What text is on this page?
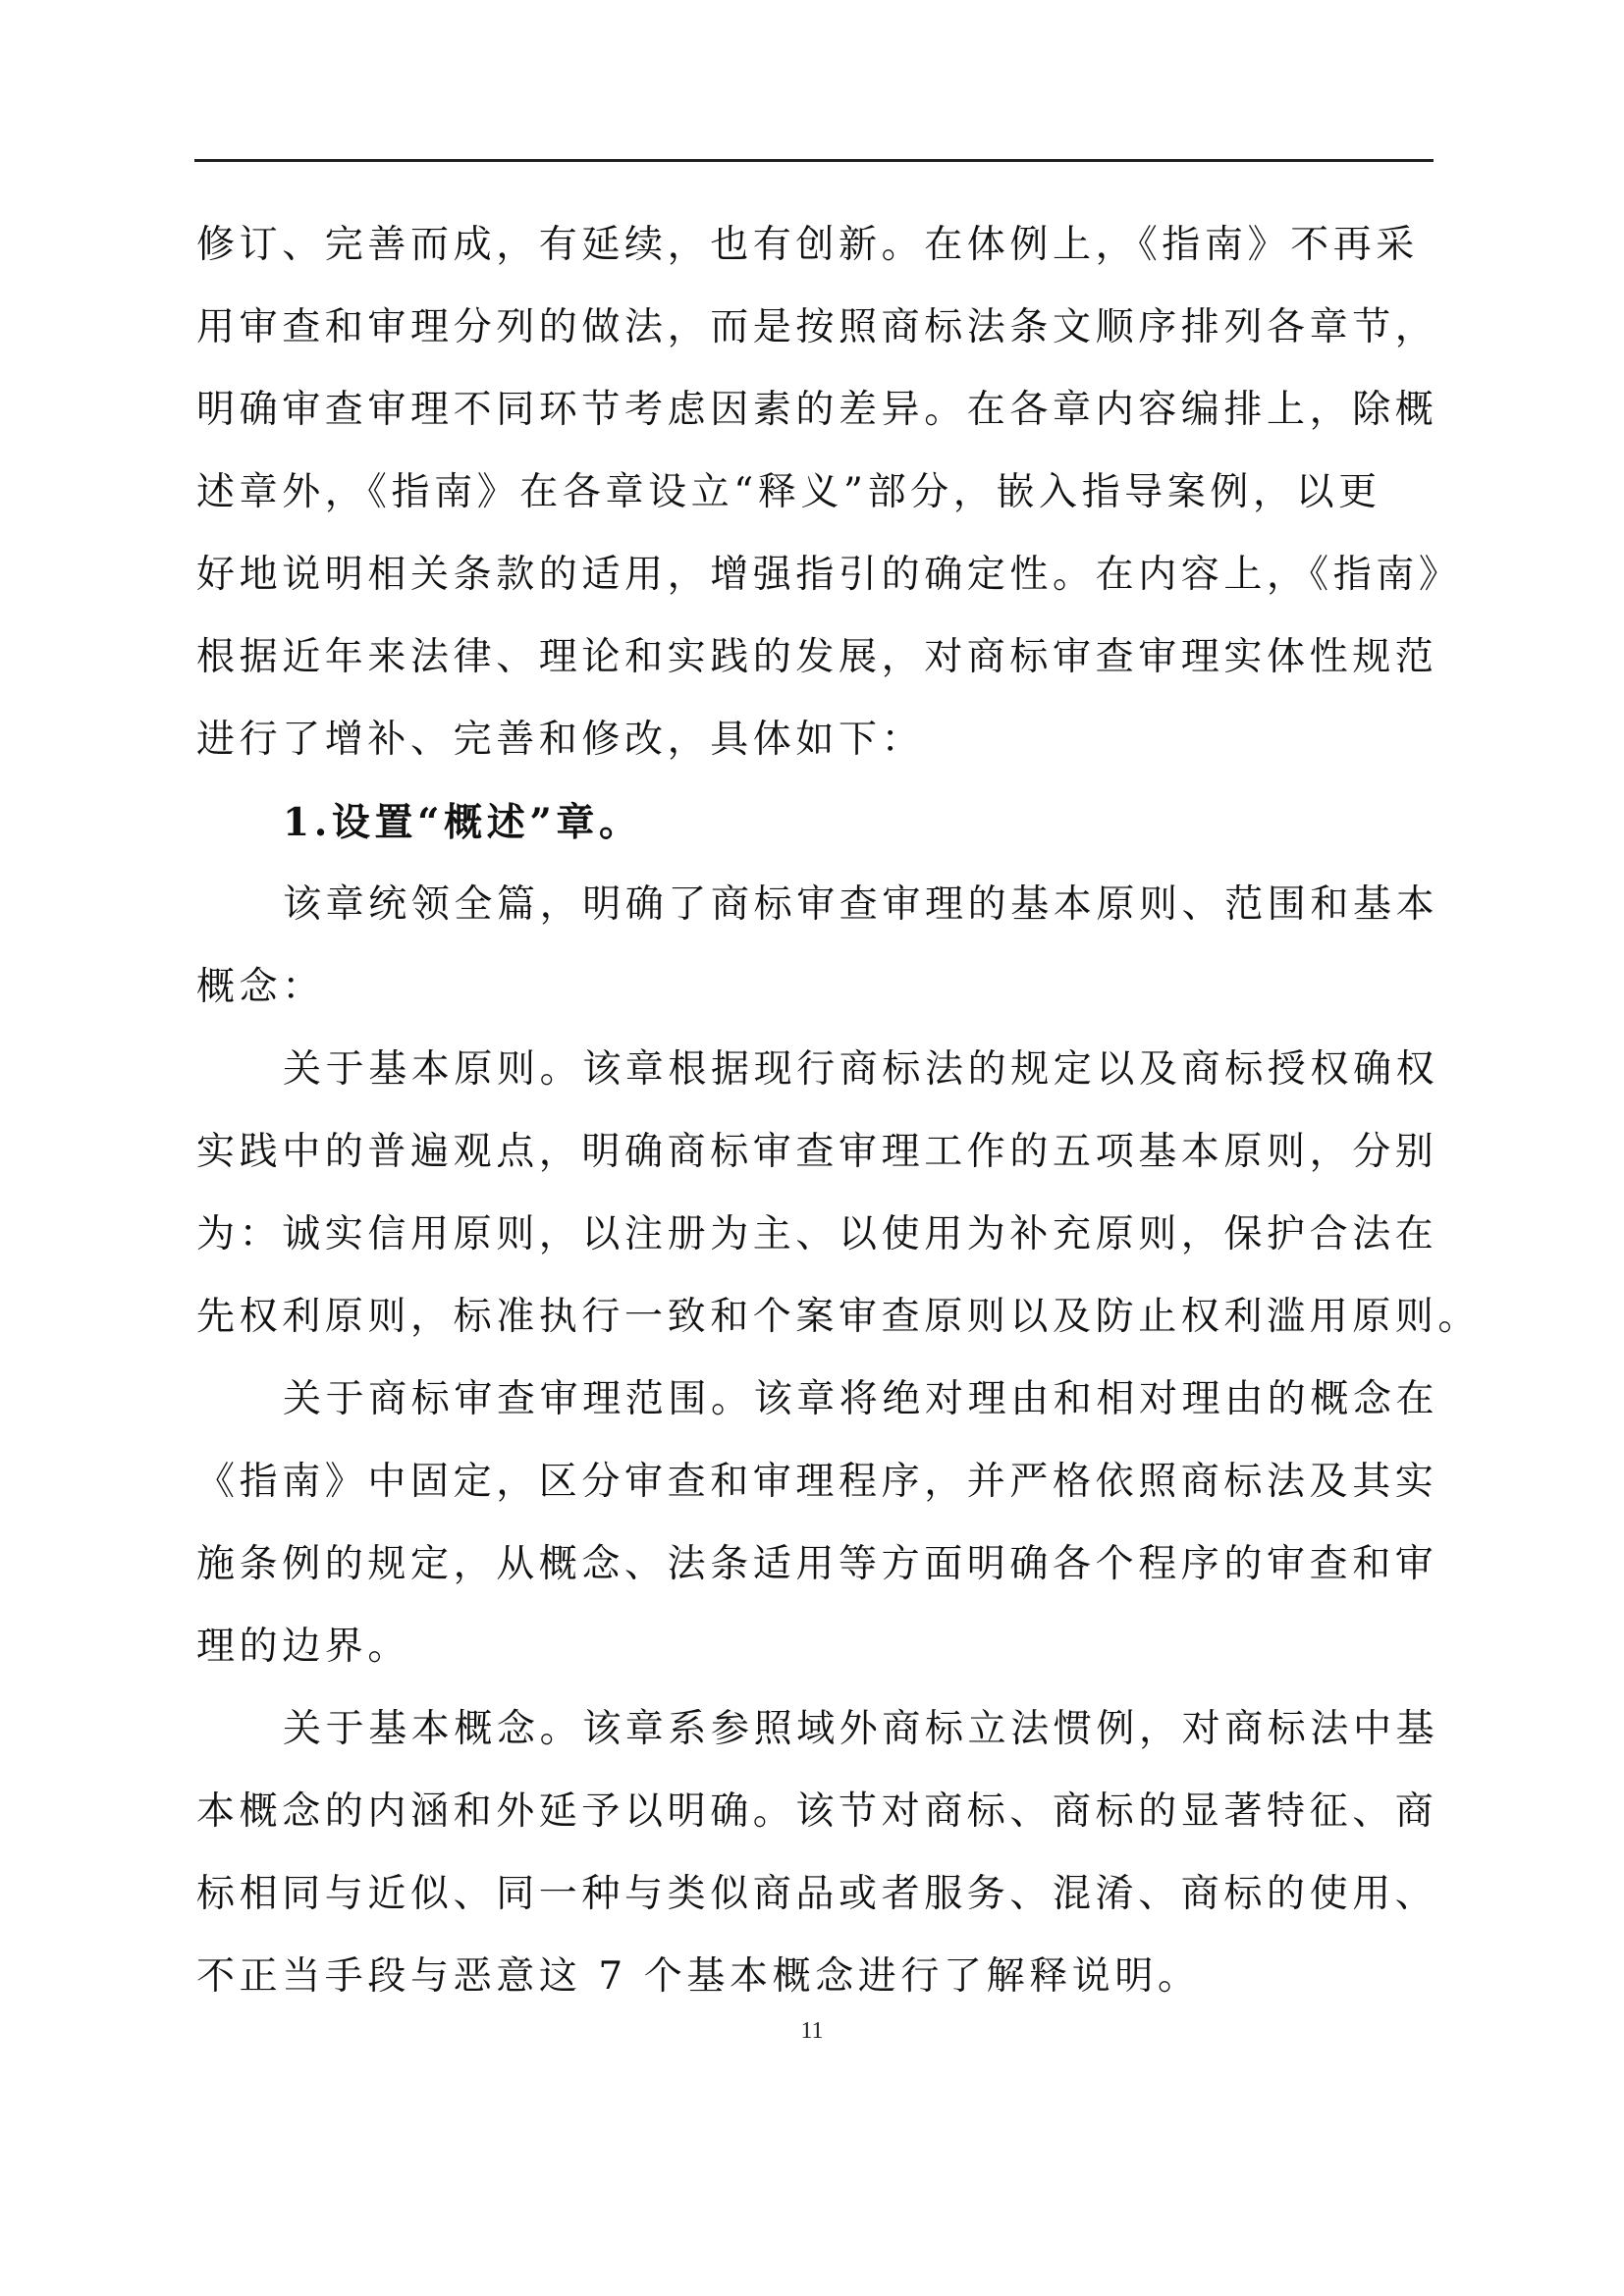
修订、完善而成，有延续，也有创新。在体例上，《指南》不再采
用审查和审理分列的做法，而是按照商标法条文顺序排列各章节，
明确审查审理不同环节考虑因素的差异。在各章内容编排上，除概
述章外，《指南》在各章设立“释义”部分，嵌入指导案例，以更
好地说明相关条款的适用，增强指引的确定性。在内容上，《指南》
根据近年来法律、理论和实践的发展，对商标审查审理实体性规范
进行了增补、完善和修改，具体如下：
1.设置“概述”章。
该章统领全篇，明确了商标审查审理的基本原则、范围和基本
概念：
关于基本原则。该章根据现行商标法的规定以及商标授权确权
实践中的普遍观点，明确商标审查审理工作的五项基本原则，分别
为：诚实信用原则，以注册为主、以使用为补充原则，保护合法在
先权利原则，标准执行一致和个案审查原则以及防止权利滥用原则。
关于商标审查审理范围。该章将绝对理由和相对理由的概念在
《指南》中固定，区分审查和审理程序，并严格依照商标法及其实
施条例的规定，从概念、法条适用等方面明确各个程序的审查和审
理的边界。
关于基本概念。该章系参照域外商标立法惯例，对商标法中基
本概念的内涵和外延予以明确。该节对商标、商标的显著特征、商
标相同与近似、同一种与类似商品或者服务、混淆、商标的使用、
不正当手段与恶意这 7 个基本概念进行了解释说明。
11
